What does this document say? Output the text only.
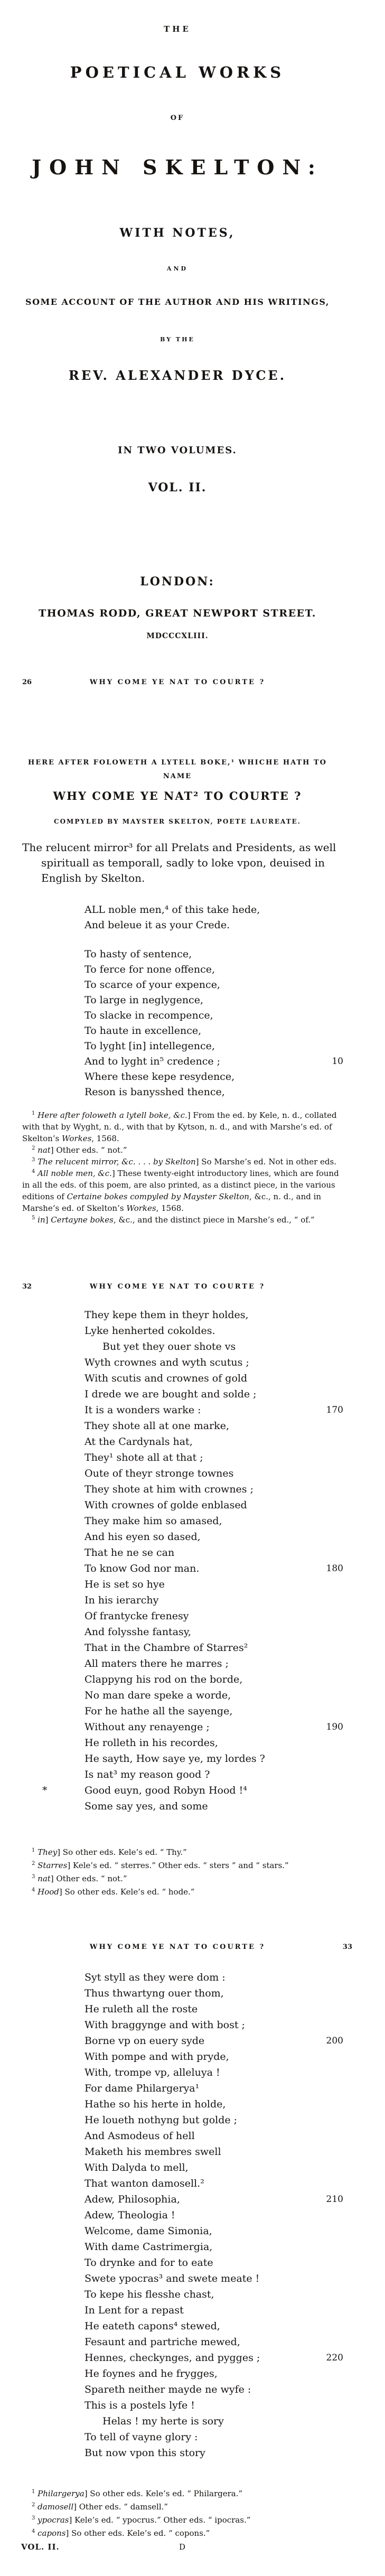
THE
POETICAL WORKS
OF
JOHN SKELTON:
WITH NOTES,
AND
SOME ACCOUNT OF THE AUTHOR AND HIS WRITINGS,
BY THE
REV. ALEXANDER DYCE.
IN TWO VOLUMES.
VOL. II.
LONDON:
THOMAS RODD, GREAT NEWPORT STREET.
MDCCCXLIII.
26	WHY COME YE NAT TO COURTE ?
HERE AFTER FOLOWETH A LYTELL BOKE,¹ WHICHE HATH TO
NAME
WHY COME YE NAT² TO COURTE ?
COMPYLED BY MAYSTER SKELTON, POETE LAUREATE.
The relucent mirror³ for all Prelats and Presidents, as well
spirituall as temporall, sadly to loke vpon, deuised in
English by Skelton.
ALL noble men,⁴ of this take hede,
And beleue it as your Crede.
To hasty of sentence,
To ferce for none offence,
To scarce of your expence,
To large in neglygence,
To slacke in recompence,
To haute in excellence,
To lyght [in] intellegence,
And to lyght in⁵ credence ;	10
Where these kepe resydence,
Reson is banysshed thence,
$^1$ Here after foloweth a lytell boke, &c.] From the ed. by Kele, n. d., collated with that by Wyght, n. d., with that by Kytson, n. d., and with Marshe’s ed. of Skelton’s Workes, 1568.
$^2$ nat] Other eds. “ not.”
$^3$ The relucent mirror, &c. . . . by Skelton] So Marshe’s ed. Not in other eds.
$^4$ All noble men, &c.] These twenty-eight introductory lines, which are found in all the eds. of this poem, are also printed, as a distinct piece, in the various editions of Certaine bokes compyled by Mayster Skelton, &c., n. d., and in Marshe’s ed. of Skelton’s Workes, 1568.
$^5$ in] Certayne bokes, &c., and the distinct piece in Marshe’s ed., “ of.”
32	WHY COME YE NAT TO COURTE ?
They kepe them in theyr holdes,
Lyke henherted cokoldes.
But yet they ouer shote vs
Wyth crownes and wyth scutus ;
With scutis and crownes of gold
I drede we are bought and solde ;
It is a wonders warke :	170
They shote all at one marke,
At the Cardynals hat,
They¹ shote all at that ;
Oute of theyr stronge townes
They shote at him with crownes ;
With crownes of golde enblased
They make him so amased,
And his eyen so dased,
That he ne se can
To know God nor man.	180
He is set so hye
In his ierarchy
Of frantycke frenesy
And folysshe fantasy,
That in the Chambre of Starres²
All maters there he marres ;
Clappyng his rod on the borde,
No man dare speke a worde,
For he hathe all the sayenge,
Without any renayenge ;	190
He rolleth in his recordes,
He sayth, How saye ye, my lordes ?
Is nat³ my reason good ?
*	Good euyn, good Robyn Hood !⁴
Some say yes, and some
$^1$ They] So other eds. Kele’s ed. “ Thy.”
$^2$ Starres] Kele’s ed. “ sterres.” Other eds. “ sters ” and “ stars.”
$^3$ nat] Other eds. “ not.”
$^4$ Hood] So other eds. Kele’s ed. “ hode.”
WHY COME YE NAT TO COURTE ?	33
Syt styll as they were dom :
Thus thwartyng ouer thom,
He ruleth all the roste
With braggynge and with bost ;
Borne vp on euery syde	200
With pompe and with pryde,
With, trompe vp, alleluya !
For dame Philargerya¹
Hathe so his herte in holde,
He loueth nothyng but golde ;
And Asmodeus of hell
Maketh his membres swell
With Dalyda to mell,
That wanton damosell.²
Adew, Philosophia,	210
Adew, Theologia !
Welcome, dame Simonia,
With dame Castrimergia,
To drynke and for to eate
Swete ypocras³ and swete meate !
To kepe his flesshe chast,
In Lent for a repast
He eateth capons⁴ stewed,
Fesaunt and partriche mewed,
Hennes, checkynges, and pygges ;	220
He foynes and he frygges,
Spareth neither mayde ne wyfe :
This is a postels lyfe !
Helas ! my herte is sory
To tell of vayne glory :
But now vpon this story
$^1$ Philargerya] So other eds. Kele’s ed. “ Philargera.”
$^2$ damosell] Other eds. “ damsell.”
$^3$ ypocras] Kele’s ed. “ ypocrus.” Other eds. “ ipocras.”
$^4$ capons] So other eds. Kele’s ed. “ copons.”
VOL. II.	D
